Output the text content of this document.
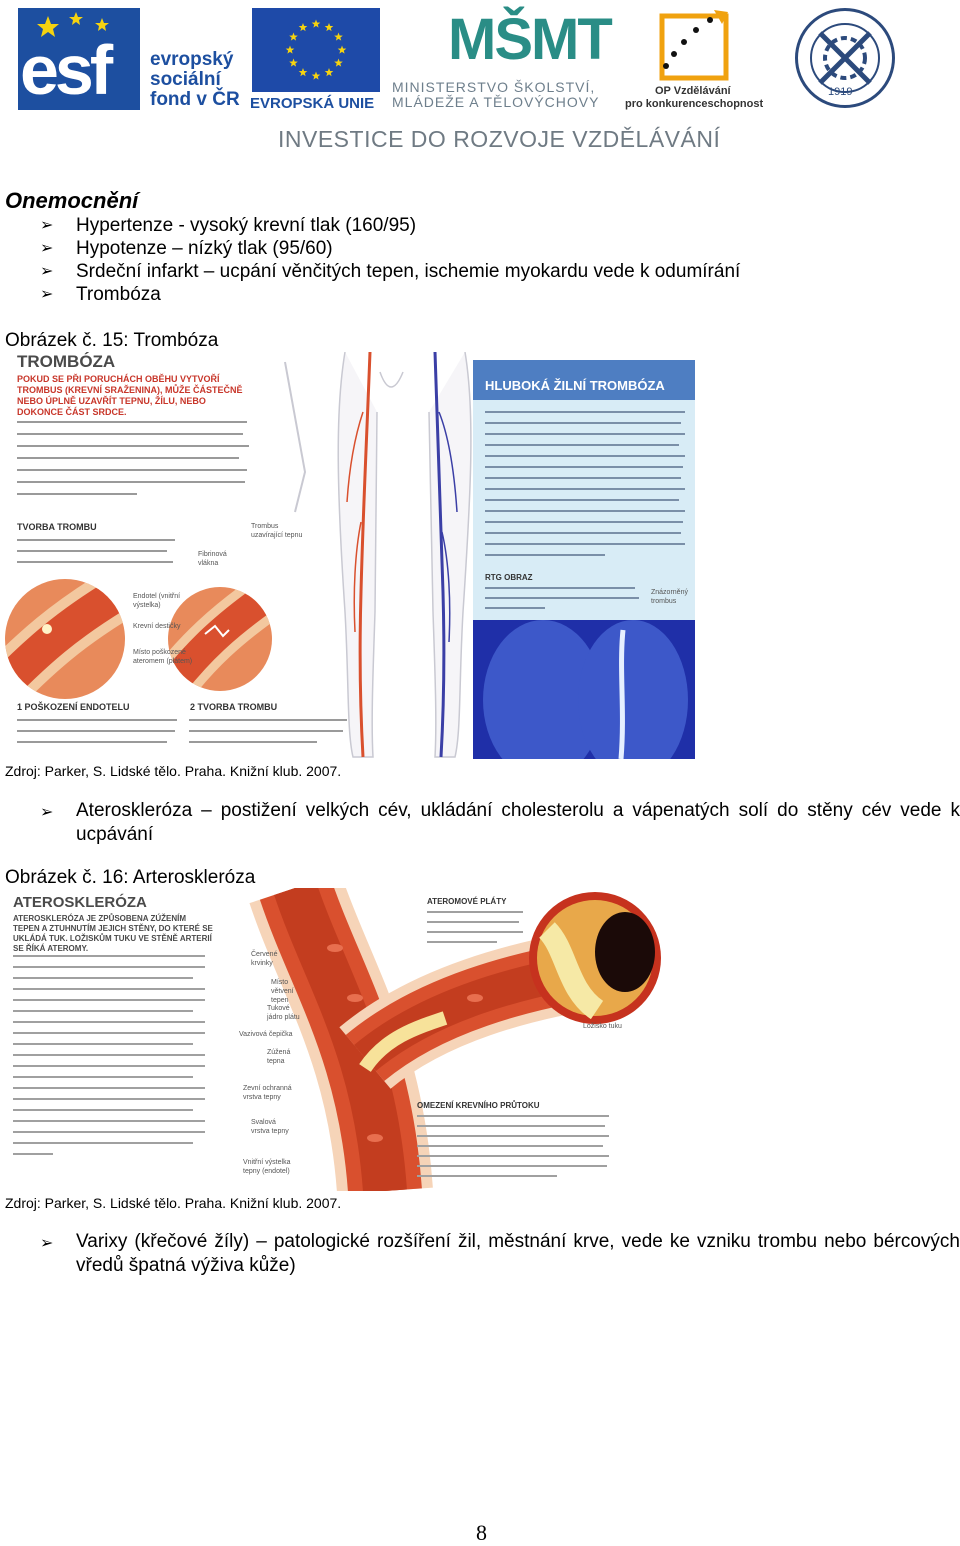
esf evropský
sociální
fond v ČR EVROPSKÁ UNIE
MŠMT
MINISTERSTVO ŠKOLSTVÍ,
MLÁDEŽE A TĚLOVÝCHOVY
OP Vzdělávání
pro konkurenceschopnost
1919
INVESTICE DO ROZVOJE VZDĚLÁVÁNÍ
Onemocnění
➢ Hypertenze - vysoký krevní tlak (160/95)
➢ Hypotenze – nízký tlak (95/60)
➢ Srdeční infarkt – ucpání věnčitých tepen, ischemie myokardu vede k odumírání
➢ Trombóza
Obrázek č. 15: Trombóza
TROMBÓZA
POKUD SE PŘI PORUCHÁCH OBĚHU VYTVOŘÍ TROMBUS (KREVNÍ SRAŽENINA), MŮŽE ČÁSTEČNĚ NEBO ÚPLNĚ UZAVŘÍT TEPNU, ŽÍLU, NEBO DOKONCE ČÁST SRDCE.
TVORBA TROMBU
Endotel (vnitřní výstelka)
Krevní destičky
Místo poškozené ateromem (plátem)
Fibrinová vlákna
Trombus uzavírající tepnu
1 POŠKOZENÍ ENDOTELU	2 TVORBA TROMBU
HLUBOKÁ ŽILNÍ TROMBÓZA
RTG OBRAZ
Znázorněný trombus
Zdroj: Parker, S. Lidské tělo. Praha. Knižní klub. 2007.
➢	Ateroskleróza – postižení velkých cév, ukládání cholesterolu a vápenatých solí do stěny cév vede k ucpávání
Obrázek č. 16: Arteroskleróza
ATEROSKLERÓZA
ATEROSKLERÓZA JE ZPŮSOBENA ZÚŽENÍM TEPEN A ZTUHNUTÍM JEJICH STĚNY, DO KTERÉ SE UKLÁDÁ TUK. LOŽISKŮM TUKU VE STĚNĚ ARTERIÍ SE ŘÍKÁ ATEROMY.
Červené krvinky
Místo větvení tepen
Tukové jádro plátu
Vazivová čepička
Zúžená tepna
Zevní ochranná vrstva tepny
Svalová vrstva tepny
Vnitřní výstelka tepny (endotel)
ATEROMOVÉ PLÁTY
Ložisko tuku
OMEZENÍ KREVNÍHO PRŮTOKU
Zdroj: Parker, S. Lidské tělo. Praha. Knižní klub. 2007.
➢	Varixy (křečové žíly) – patologické rozšíření žil, městnání krve, vede ke vzniku trombu nebo bércových vředů špatná výživa kůže)
8
